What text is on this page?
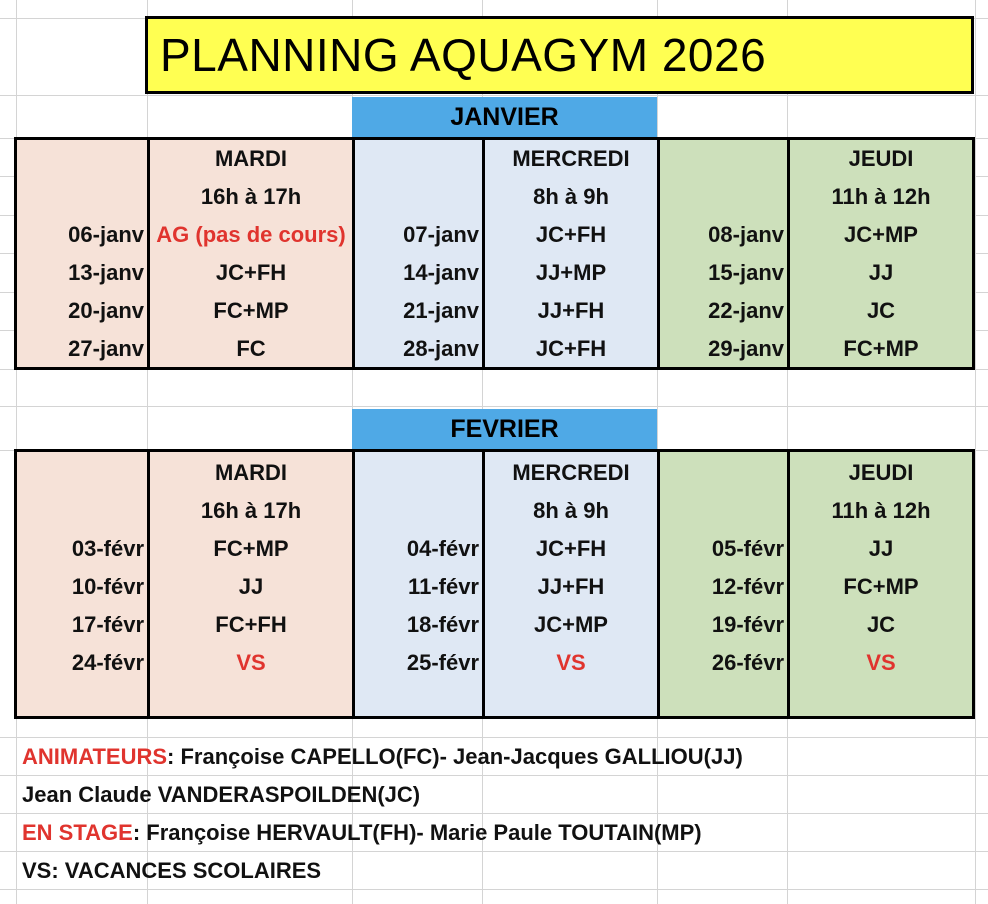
PLANNING AQUAGYM 2026
JANVIER
06-janv
13-janv
20-janv
27-janv
MARDI
16h à 17h
AG (pas de cours)
JC+FH
FC+MP
FC
07-janv
14-janv
21-janv
28-janv
MERCREDI
8h à 9h
JC+FH
JJ+MP
JJ+FH
JC+FH
08-janv
15-janv
22-janv
29-janv
JEUDI
11h à 12h
JC+MP
JJ
JC
FC+MP
FEVRIER
03-févr
10-févr
17-févr
24-févr
MARDI
16h à 17h
FC+MP
JJ
FC+FH
VS
04-févr
11-févr
18-févr
25-févr
MERCREDI
8h à 9h
JC+FH
JJ+FH
JC+MP
VS
05-févr
12-févr
19-févr
26-févr
JEUDI
11h à 12h
JJ
FC+MP
JC
VS
ANIMATEURS : Françoise CAPELLO(FC)- Jean-Jacques GALLIOU(JJ)
Jean Claude VANDERASPOILDEN(JC)
EN STAGE : Françoise HERVAULT(FH)- Marie Paule TOUTAIN(MP)
VS: VACANCES SCOLAIRES
